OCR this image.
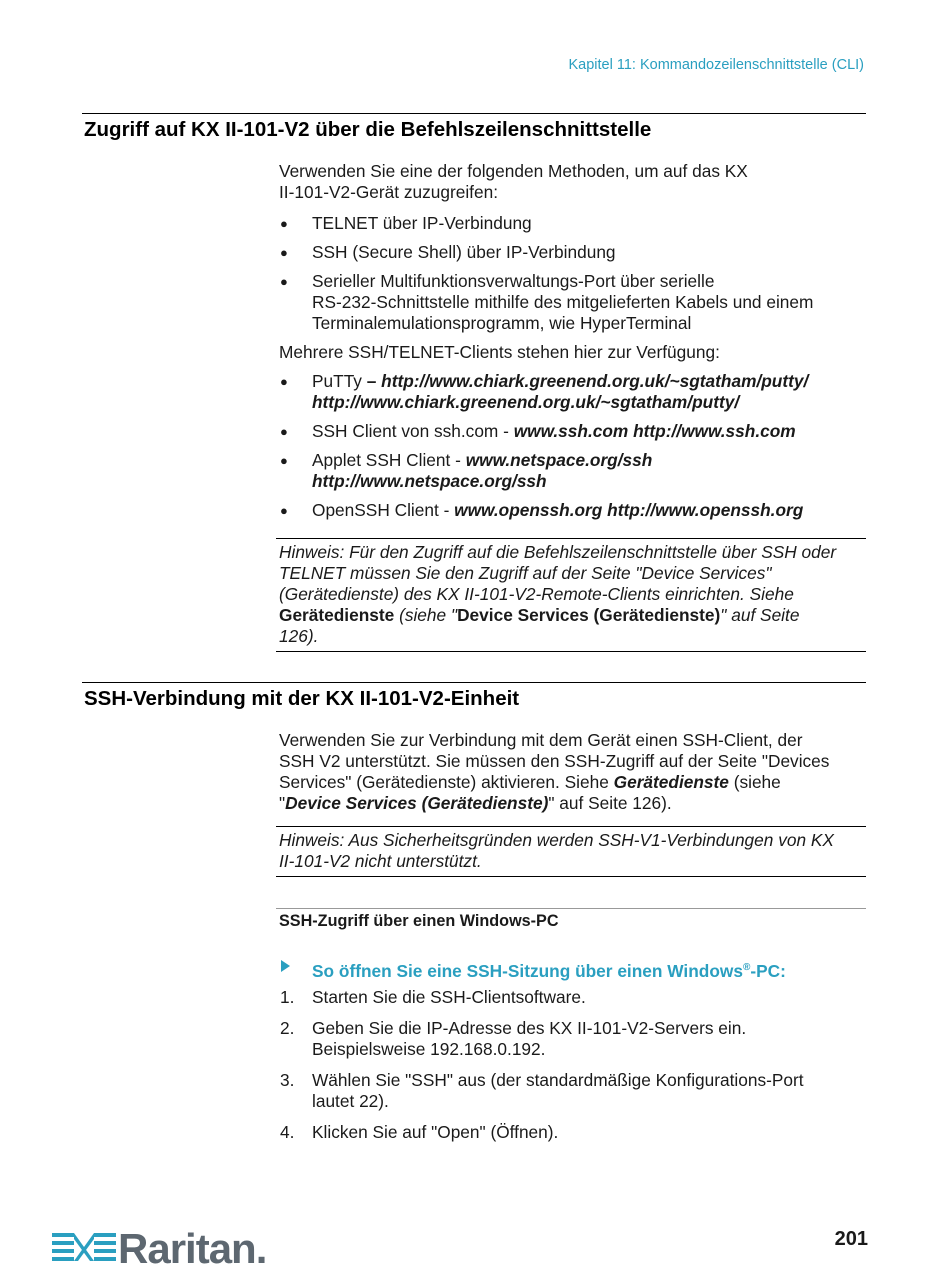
Kapitel 11: Kommandozeilenschnittstelle (CLI)
Zugriff auf KX II-101-V2 über die Befehlszeilenschnittstelle

Verwenden Sie eine der folgenden Methoden, um auf das KX
II-101-V2-Gerät zuzugreifen:

● TELNET über IP-Verbindung
● SSH (Secure Shell) über IP-Verbindung
● Serieller Multifunktionsverwaltungs-Port über serielle
RS-232-Schnittstelle mithilfe des mitgelieferten Kabels und einem
Terminalemulationsprogramm, wie HyperTerminal

Mehrere SSH/TELNET-Clients stehen hier zur Verfügung:

● PuTTy – http://www.chiark.greenend.org.uk/~sgtatham/putty/
http://www.chiark.greenend.org.uk/~sgtatham/putty/
● SSH Client von ssh.com - www.ssh.com http://www.ssh.com
● Applet SSH Client - www.netspace.org/ssh
http://www.netspace.org/ssh
● OpenSSH Client - www.openssh.org http://www.openssh.org
Hinweis: Für den Zugriff auf die Befehlszeilenschnittstelle über SSH oder
TELNET müssen Sie den Zugriff auf der Seite "Device Services"
(Gerätedienste) des KX II-101-V2-Remote-Clients einrichten. Siehe
Gerätedienste (siehe "Device Services (Gerätedienste)" auf Seite
126).
SSH-Verbindung mit der KX II-101-V2-Einheit

Verwenden Sie zur Verbindung mit dem Gerät einen SSH-Client, der
SSH V2 unterstützt. Sie müssen den SSH-Zugriff auf der Seite "Devices
Services" (Gerätedienste) aktivieren. Siehe Gerätedienste (siehe
"Device Services (Gerätedienste)" auf Seite 126).

Hinweis: Aus Sicherheitsgründen werden SSH-V1-Verbindungen von KX
II-101-V2 nicht unterstützt.
SSH-Zugriff über einen Windows-PC
So öffnen Sie eine SSH-Sitzung über einen Windows®-PC:
1. Starten Sie die SSH-Clientsoftware.
2. Geben Sie die IP-Adresse des KX II-101-V2-Servers ein.
Beispielsweise 192.168.0.192.
3. Wählen Sie "SSH" aus (der standardmäßige Konfigurations-Port
lautet 22).
4. Klicken Sie auf "Open" (Öffnen).
Raritan.	201
